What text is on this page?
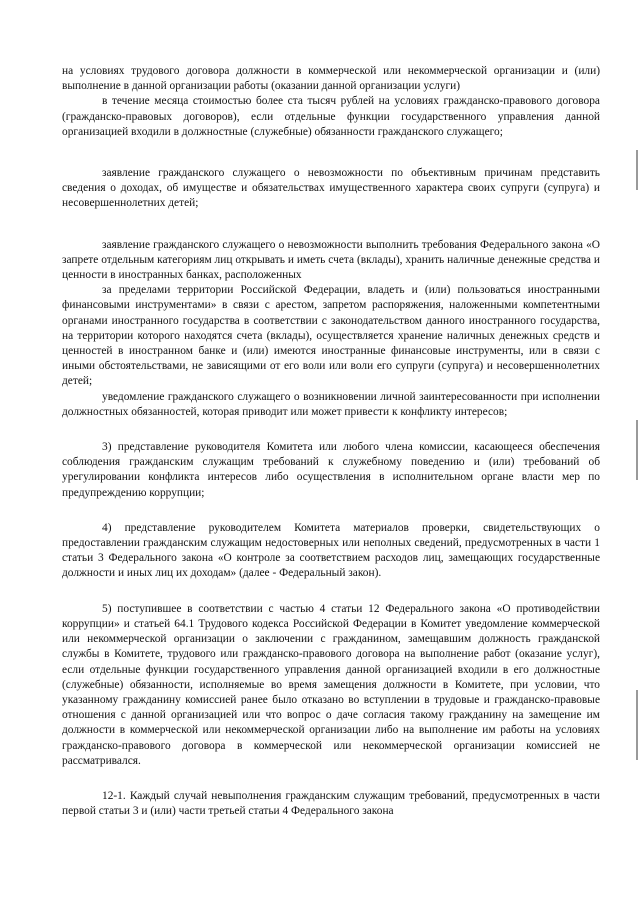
на условиях трудового договора должности в коммерческой или некоммерческой организации и (или) выполнение в данной организации работы (оказании данной организации услуги)

в течение месяца стоимостью более ста тысяч рублей на условиях гражданско-правового договора (гражданско-правовых договоров), если отдельные функции государственного управления данной организацией входили в должностные (служебные) обязанности гражданского служащего;

заявление гражданского служащего о невозможности по объективным причинам представить сведения о доходах, об имуществе и обязательствах имущественного характера своих супруги (супруга) и несовершеннолетних детей;

заявление гражданского служащего о невозможности выполнить требования Федерального закона «О запрете отдельным категориям лиц открывать и иметь счета (вклады), хранить наличные денежные средства и ценности в иностранных банках, расположенных

за пределами территории Российской Федерации, владеть и (или) пользоваться иностранными финансовыми инструментами» в связи с арестом, запретом распоряжения, наложенными компетентными органами иностранного государства в соответствии с законодательством данного иностранного государства, на территории которого находятся счета (вклады), осуществляется хранение наличных денежных средств и ценностей в иностранном банке и (или) имеются иностранные финансовые инструменты, или в связи с иными обстоятельствами, не зависящими от его воли или воли его супруги (супруга) и несовершеннолетних детей;

уведомление гражданского служащего о возникновении личной заинтересованности при исполнении должностных обязанностей, которая приводит или может привести к конфликту интересов;

3) представление руководителя Комитета или любого члена комиссии, касающееся обеспечения соблюдения гражданским служащим требований к служебному поведению и (или) требований об урегулировании конфликта интересов либо осуществления в исполнительном органе власти мер по предупреждению коррупции;

4) представление руководителем Комитета материалов проверки, свидетельствующих о предоставлении гражданским служащим недостоверных или неполных сведений, предусмотренных в части 1 статьи 3 Федерального закона «О контроле за соответствием расходов лиц, замещающих государственные должности и иных лиц их доходам» (далее - Федеральный закон).

5) поступившее в соответствии с частью 4 статьи 12 Федерального закона «О противодействии коррупции» и статьей 64.1 Трудового кодекса Российской Федерации в Комитет уведомление коммерческой или некоммерческой организации о заключении с гражданином, замещавшим должность гражданской службы в Комитете, трудового или гражданско-правового договора на выполнение работ (оказание услуг), если отдельные функции государственного управления данной организацией входили в его должностные (служебные) обязанности, исполняемые во время замещения должности в Комитете, при условии, что указанному гражданину комиссией ранее было отказано во вступлении в трудовые и гражданско-правовые отношения с данной организацией или что вопрос о даче согласия такому гражданину на замещение им должности в коммерческой или некоммерческой организации либо на выполнение им работы на условиях гражданско-правового договора в коммерческой или некоммерческой организации комиссией не рассматривался.

12-1. Каждый случай невыполнения гражданским служащим требований, предусмотренных в части первой статьи 3 и (или) части третьей статьи 4 Федерального закона
